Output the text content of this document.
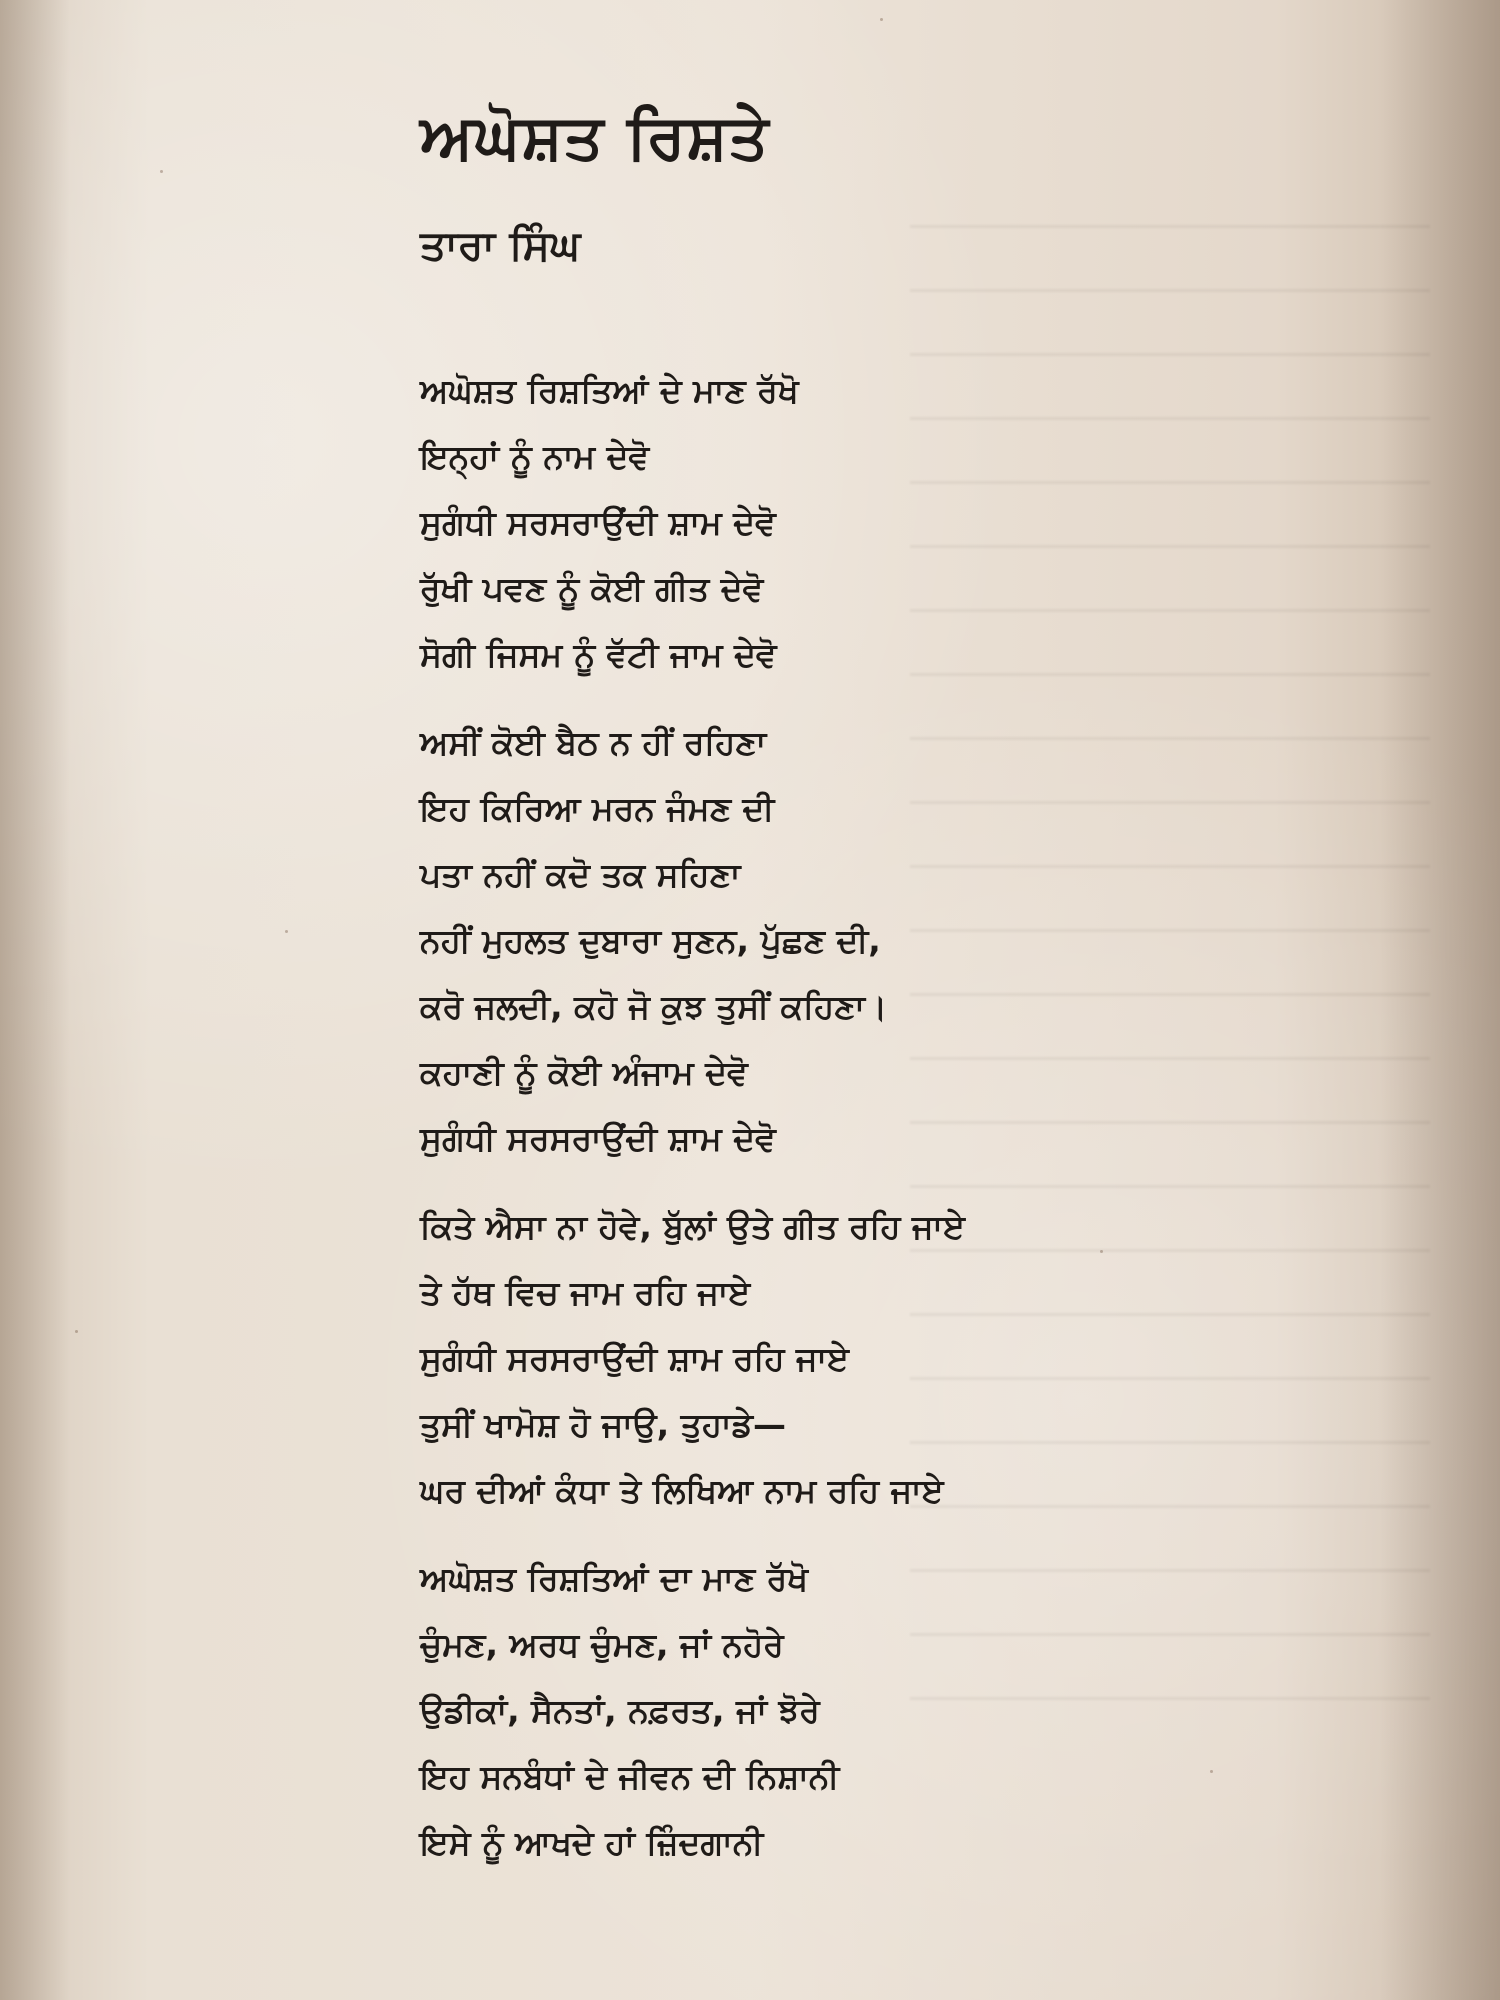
ਅਘੋਸ਼ਤ ਰਿਸ਼ਤੇ
ਤਾਰਾ ਸਿੰਘ
ਅਘੋਸ਼ਤ ਰਿਸ਼ਤਿਆਂ ਦੇ ਮਾਣ ਰੱਖੋ
ਇਨ੍ਹਾਂ ਨੂੰ ਨਾਮ ਦੇਵੋ
ਸੁਗੰਧੀ ਸਰਸਰਾਉਂਦੀ ਸ਼ਾਮ ਦੇਵੋ
ਰੁੱਖੀ ਪਵਣ ਨੂੰ ਕੋਈ ਗੀਤ ਦੇਵੋ
ਸੋਗੀ ਜਿਸਮ ਨੂੰ ਵੱਟੀ ਜਾਮ ਦੇਵੋ
ਅਸੀਂ ਕੋਈ ਬੈਠ ਨ ਹੀਂ ਰਹਿਣਾ
ਇਹ ਕਿਰਿਆ ਮਰਨ ਜੰਮਣ ਦੀ
ਪਤਾ ਨਹੀਂ ਕਦੋ ਤਕ ਸਹਿਣਾ
ਨਹੀਂ ਮੁਹਲਤ ਦੁਬਾਰਾ ਸੁਣਨ, ਪੁੱਛਣ ਦੀ,
ਕਰੋ ਜਲਦੀ, ਕਹੋ ਜੋ ਕੁਝ ਤੁਸੀਂ ਕਹਿਣਾ।
ਕਹਾਣੀ ਨੂੰ ਕੋਈ ਅੰਜਾਮ ਦੇਵੋ
ਸੁਗੰਧੀ ਸਰਸਰਾਉਂਦੀ ਸ਼ਾਮ ਦੇਵੋ
ਕਿਤੇ ਐਸਾ ਨਾ ਹੋਵੇ, ਬੁੱਲਾਂ ਉਤੇ ਗੀਤ ਰਹਿ ਜਾਏ
ਤੇ ਹੱਥ ਵਿਚ ਜਾਮ ਰਹਿ ਜਾਏ
ਸੁਗੰਧੀ ਸਰਸਰਾਉਂਦੀ ਸ਼ਾਮ ਰਹਿ ਜਾਏ
ਤੁਸੀਂ ਖਾਮੋਸ਼ ਹੋ ਜਾਉ, ਤੁਹਾਡੇ—
ਘਰ ਦੀਆਂ ਕੰਧਾ ਤੇ ਲਿਖਿਆ ਨਾਮ ਰਹਿ ਜਾਏ
ਅਘੋਸ਼ਤ ਰਿਸ਼ਤਿਆਂ ਦਾ ਮਾਣ ਰੱਖੋ
ਚੁੰਮਣ, ਅਰਧ ਚੁੰਮਣ, ਜਾਂ ਨਹੋਰੇ
ਉਡੀਕਾਂ, ਸੈਨਤਾਂ, ਨਫ਼ਰਤ, ਜਾਂ ਝੋਰੇ
ਇਹ ਸਨਬੰਧਾਂ ਦੇ ਜੀਵਨ ਦੀ ਨਿਸ਼ਾਨੀ
ਇਸੇ ਨੂੰ ਆਖਦੇ ਹਾਂ ਜ਼ਿੰਦਗਾਨੀ
